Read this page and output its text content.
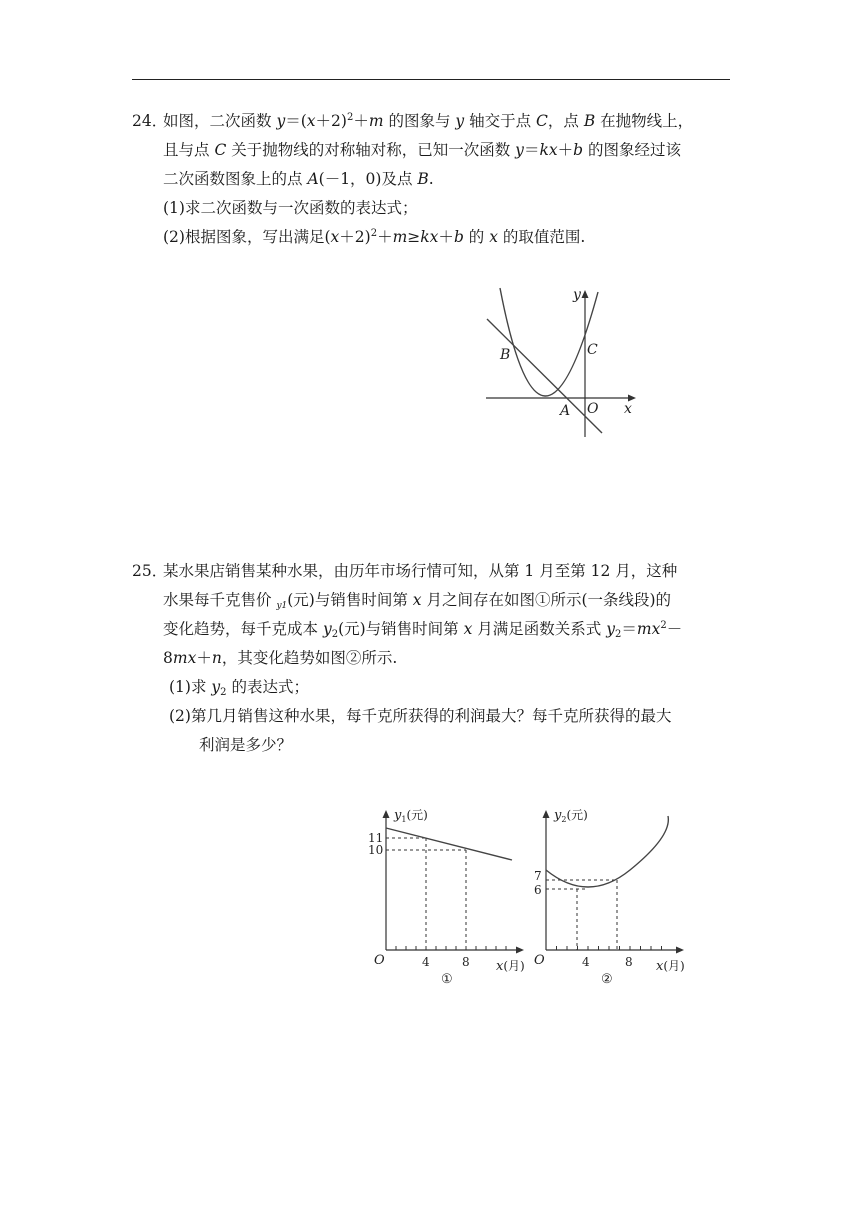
24．如图，二次函数 $y=(x+2)^2+m$ 的图象与 y 轴交于点 C，点 B 在抛物线上，
且与点 C 关于抛物线的对称轴对称，已知一次函数 y＝kx＋b 的图象经过该
二次函数图象上的点 A(－1，0)及点 B.
(1)求二次函数与一次函数的表达式；
(2)根据图象，写出满足$(x+2)^2+m\ge kx+b$ 的 x 的取值范围.
y
x
B	C
A O
25．某水果店销售某种水果，由历年市场行情可知，从第 1 月至第 12 月，这种
水果每千克售价 y1(元)与销售时间第 x 月之间存在如图①所示(一条线段)的
变化趋势，每千克成本 $y_2$(元)与销售时间第 x 月满足函数关系式 $y_2=mx^2-$
8mx＋n，其变化趋势如图②所示.
(1)求 $y_2$ 的表达式；
(2)第几月销售这种水果，每千克所获得的利润最大？每千克所获得的最大
利润是多少？
$y_1$(元)
11
10
4	8
O	x(月)
①
$y_2$(元)
7
6
4	8
O	x(月)
②
